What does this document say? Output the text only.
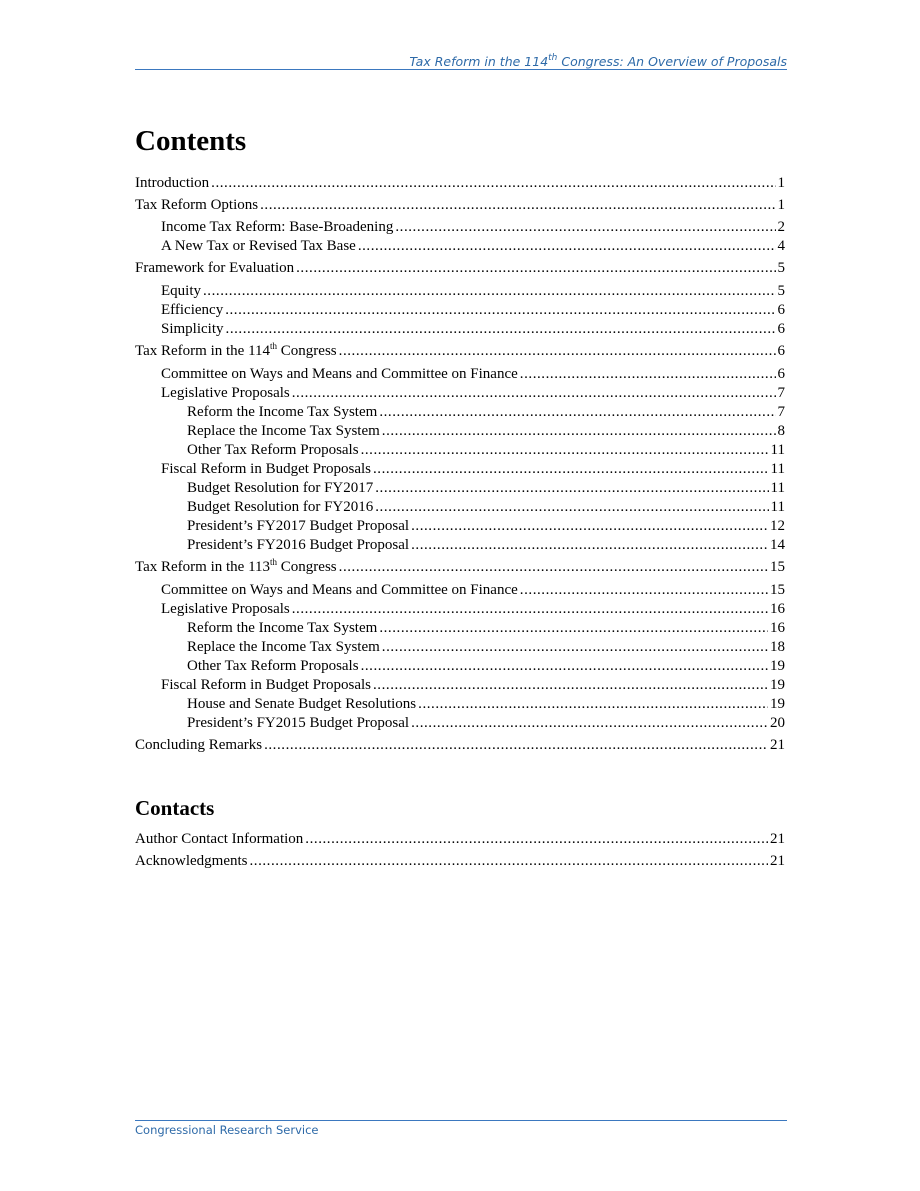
Tax Reform in the 114th Congress: An Overview of Proposals
Contents
Introduction . . .	1
Tax Reform Options . . .	1
Income Tax Reform: Base-Broadening . . .	2
A New Tax or Revised Tax Base . . .	4
Framework for Evaluation . . .	5
Equity . . .	5
Efficiency . . .	6
Simplicity . . .	6
Tax Reform in the 114th Congress . . .	6
Committee on Ways and Means and Committee on Finance . . .	6
Legislative Proposals . . .	7
Reform the Income Tax System . . .	7
Replace the Income Tax System . . .	8
Other Tax Reform Proposals . . .	11
Fiscal Reform in Budget Proposals . . .	11
Budget Resolution for FY2017 . . .	11
Budget Resolution for FY2016 . . .	11
President’s FY2017 Budget Proposal . . .	12
President’s FY2016 Budget Proposal . . .	14
Tax Reform in the 113th Congress . . .	15
Committee on Ways and Means and Committee on Finance . . .	15
Legislative Proposals . . .	16
Reform the Income Tax System . . .	16
Replace the Income Tax System . . .	18
Other Tax Reform Proposals . . .	19
Fiscal Reform in Budget Proposals . . .	19
House and Senate Budget Resolutions . . .	19
President’s FY2015 Budget Proposal . . .	20
Concluding Remarks . . .	21
Contacts
Author Contact Information . . .	21
Acknowledgments . . .	21
Congressional Research Service
